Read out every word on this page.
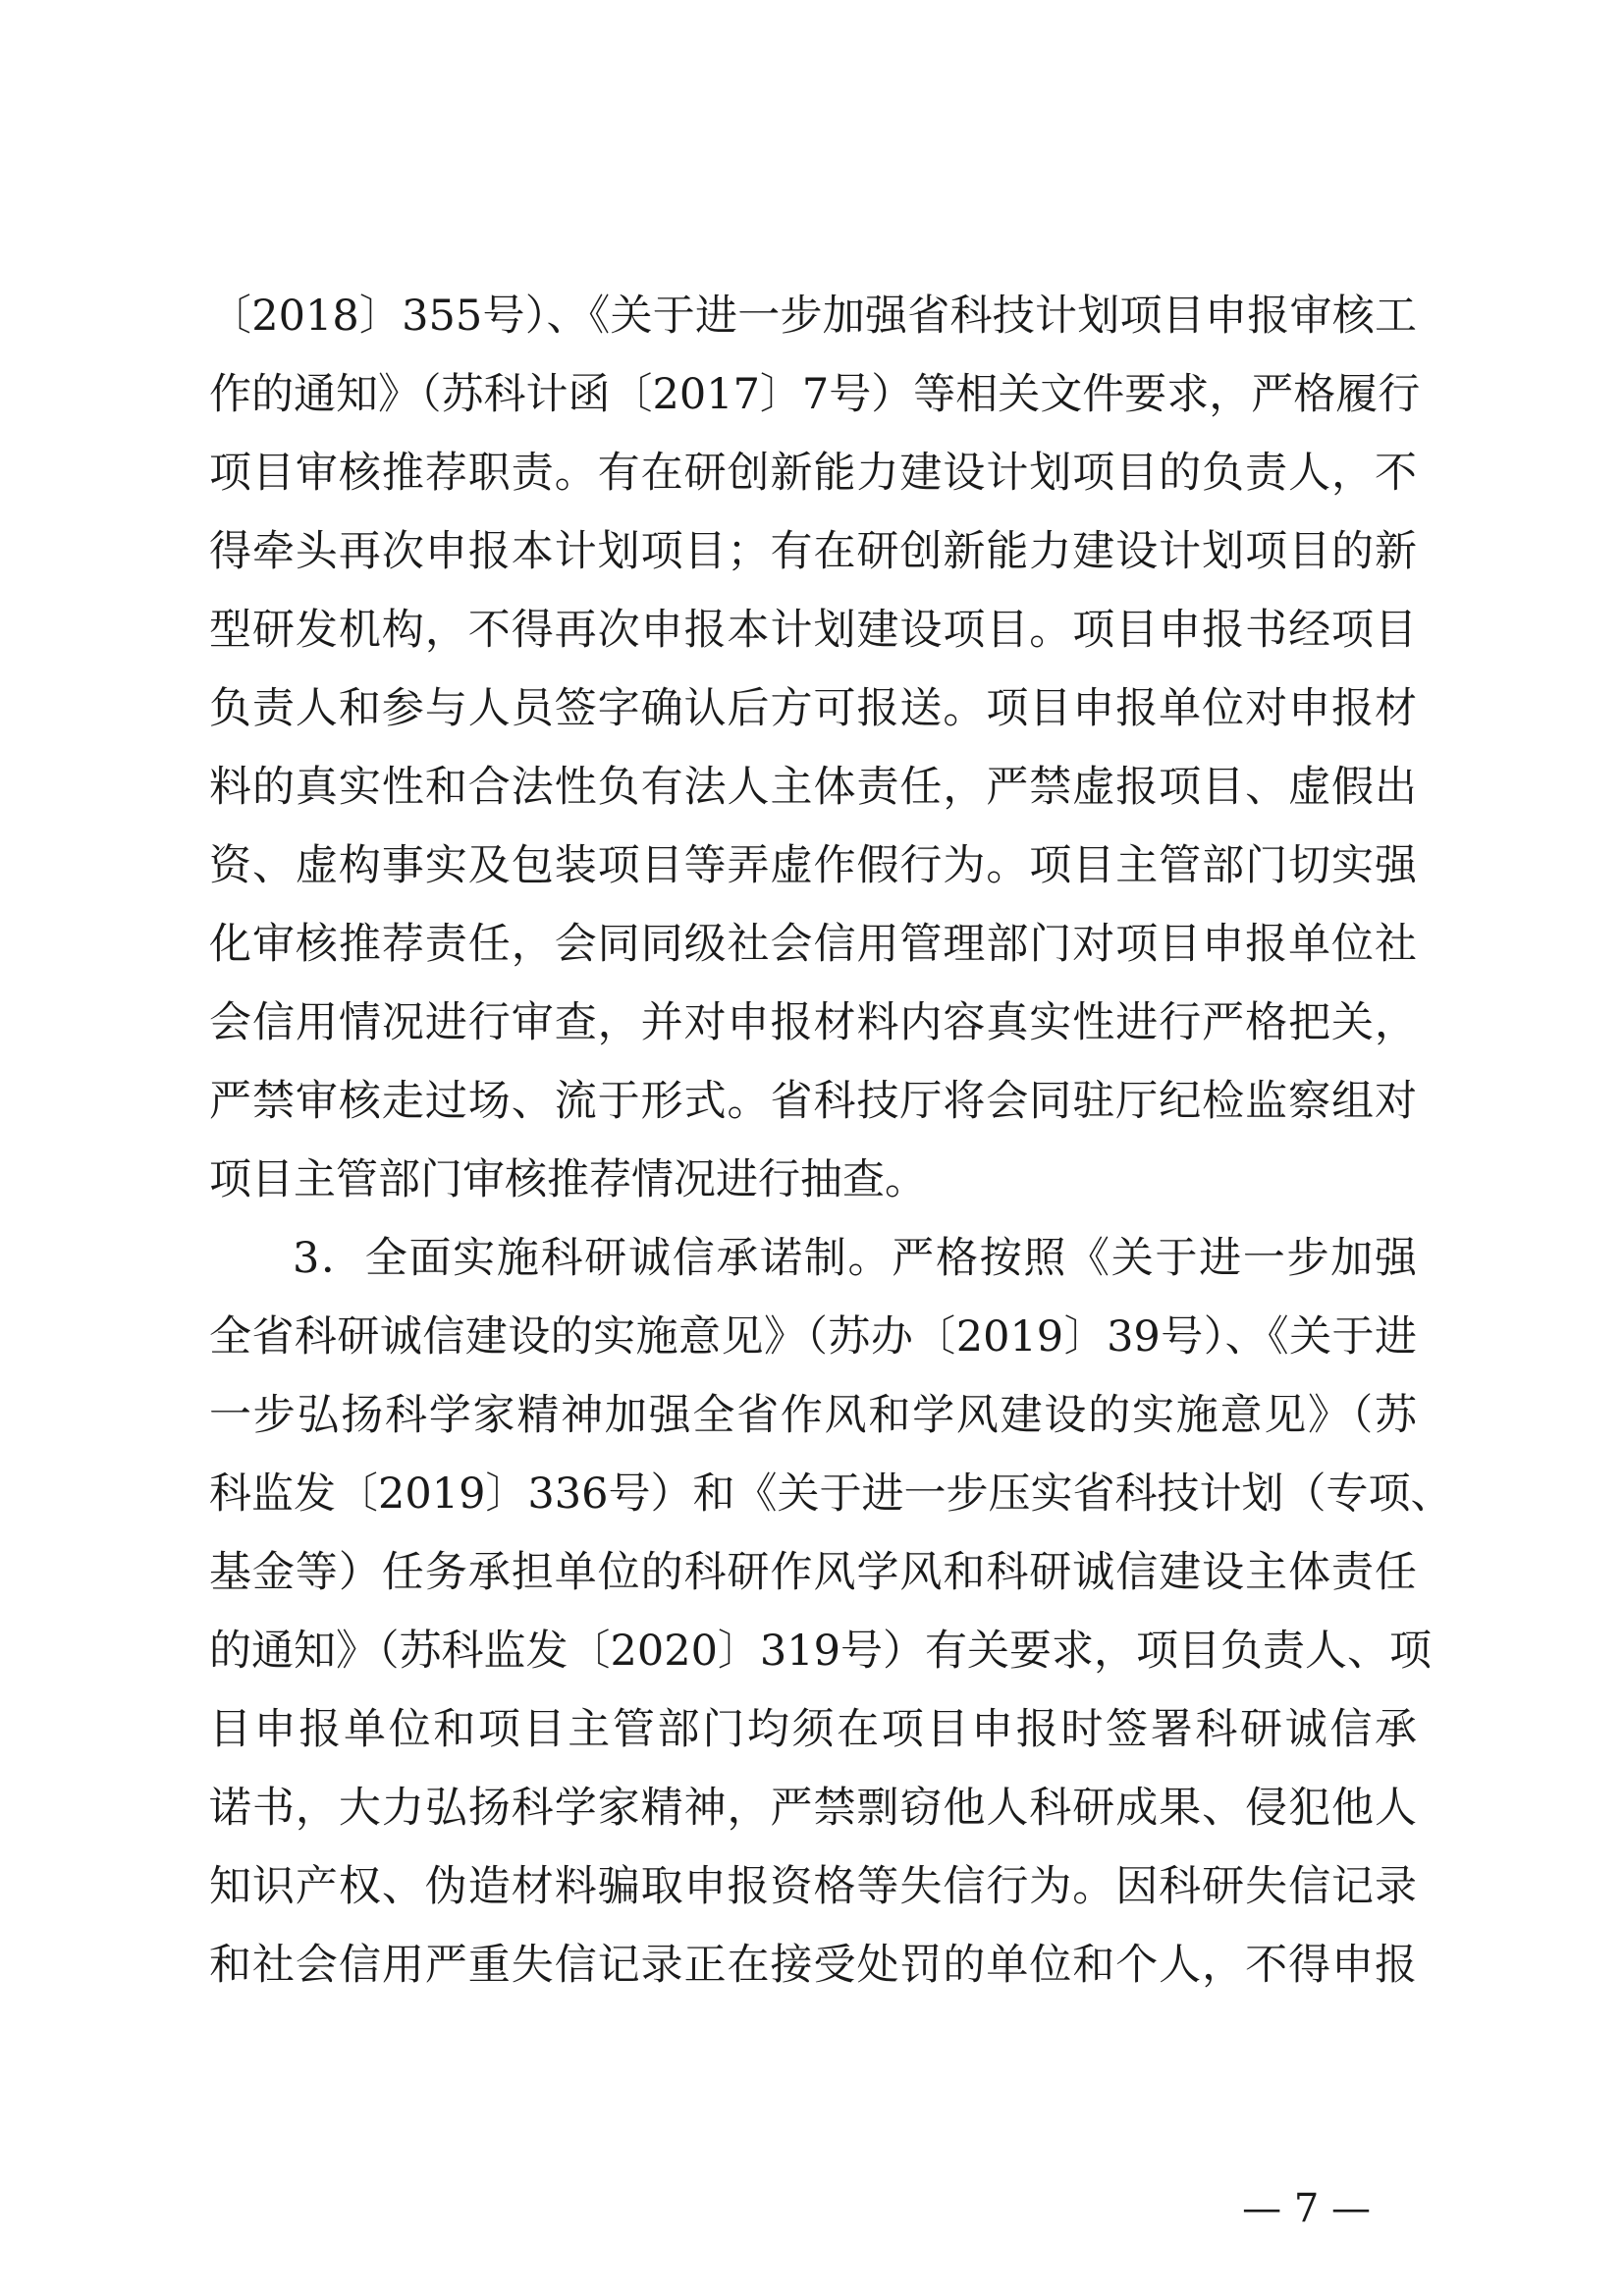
〔2018〕355号）、《关于进一步加强省科技计划项目申报审核工
作的通知》（苏科计函〔2017〕7号）等相关文件要求，严格履行
项目审核推荐职责。有在研创新能力建设计划项目的负责人，不
得牵头再次申报本计划项目；有在研创新能力建设计划项目的新
型研发机构，不得再次申报本计划建设项目。项目申报书经项目
负责人和参与人员签字确认后方可报送。项目申报单位对申报材
料的真实性和合法性负有法人主体责任，严禁虚报项目、虚假出
资、虚构事实及包装项目等弄虚作假行为。项目主管部门切实强
化审核推荐责任，会同同级社会信用管理部门对项目申报单位社
会信用情况进行审查，并对申报材料内容真实性进行严格把关，
严禁审核走过场、流于形式。省科技厅将会同驻厅纪检监察组对
项目主管部门审核推荐情况进行抽查。
3．全面实施科研诚信承诺制。严格按照《关于进一步加强
全省科研诚信建设的实施意见》（苏办〔2019〕39号）、《关于进
一步弘扬科学家精神加强全省作风和学风建设的实施意见》（苏
科监发〔2019〕336号）和《关于进一步压实省科技计划（专项、
基金等）任务承担单位的科研作风学风和科研诚信建设主体责任
的通知》（苏科监发〔2020〕319号）有关要求，项目负责人、项
目申报单位和项目主管部门均须在项目申报时签署科研诚信承
诺书，大力弘扬科学家精神，严禁剽窃他人科研成果、侵犯他人
知识产权、伪造材料骗取申报资格等失信行为。因科研失信记录
和社会信用严重失信记录正在接受处罚的单位和个人，不得申报
— 7 —
